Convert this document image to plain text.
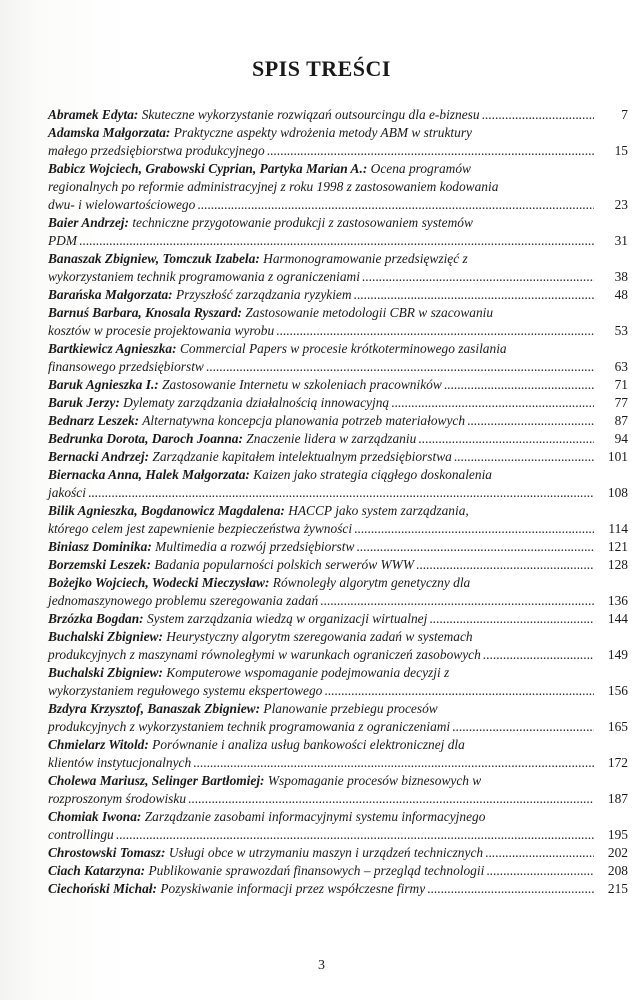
SPIS TREŚCI
Abramek Edyta: Skuteczne wykorzystanie rozwiązań outsourcingu dla e-biznesu .....	7
Adamska Małgorzata: Praktyczne aspekty wdrożenia metody ABM w struktury
małego przedsiębiorstwa produkcyjnego .....	15
Babicz Wojciech, Grabowski Cyprian, Partyka Marian A.: Ocena programów
regionalnych po reformie administracyjnej z roku 1998 z zastosowaniem kodowania
dwu- i wielowartościowego .....	23
Baier Andrzej: techniczne przygotowanie produkcji z zastosowaniem systemów
PDM .....	31
Banaszak Zbigniew, Tomczuk Izabela: Harmonogramowanie przedsięwzięć z
wykorzystaniem technik programowania z ograniczeniami .....	38
Barańska Małgorzata: Przyszłość zarządzania ryzykiem .....	48
Barnuś Barbara, Knosala Ryszard: Zastosowanie metodologii CBR w szacowaniu
kosztów w procesie projektowania wyrobu .....	53
Bartkiewicz Agnieszka: Commercial Papers w procesie krótkoterminowego zasilania
finansowego przedsiębiorstw .....	63
Baruk Agnieszka I.: Zastosowanie Internetu w szkoleniach pracowników .....	71
Baruk Jerzy: Dylematy zarządzania działalnością innowacyjną .....	77
Bednarz Leszek: Alternatywna koncepcja planowania potrzeb materiałowych .....	87
Bedrunka Dorota, Daroch Joanna: Znaczenie lidera w zarządzaniu .....	94
Bernacki Andrzej: Zarządzanie kapitałem intelektualnym przedsiębiorstwa .....	101
Biernacka Anna, Halek Małgorzata: Kaizen jako strategia ciągłego doskonalenia
jakości .....	108
Bilik Agnieszka, Bogdanowicz Magdalena: HACCP jako system zarządzania,
którego celem jest zapewnienie bezpieczeństwa żywności .....	114
Biniasz Dominika: Multimedia a rozwój przedsiębiorstw .....	121
Borzemski Leszek: Badania popularności polskich serwerów WWW .....	128
Bożejko Wojciech, Wodecki Mieczysław: Równoległy algorytm genetyczny dla
jednomaszynowego problemu szeregowania zadań .....	136
Brzózka Bogdan: System zarządzania wiedzą w organizacji wirtualnej .....	144
Buchalski Zbigniew: Heurystyczny algorytm szeregowania zadań w systemach
produkcyjnych z maszynami równoległymi w warunkach ograniczeń zasobowych .....	149
Buchalski Zbigniew: Komputerowe wspomaganie podejmowania decyzji z
wykorzystaniem regułowego systemu ekspertowego .....	156
Bzdyra Krzysztof, Banaszak Zbigniew: Planowanie przebiegu procesów
produkcyjnych z wykorzystaniem technik programowania z ograniczeniami .....	165
Chmielarz Witold: Porównanie i analiza usług bankowości elektronicznej dla
klientów instytucjonalnych .....	172
Cholewa Mariusz, Selinger Bartłomiej: Wspomaganie procesów biznesowych w
rozproszonym środowisku .....	187
Chomiak Iwona: Zarządzanie zasobami informacyjnymi systemu informacyjnego
controllingu .....	195
Chrostowski Tomasz: Usługi obce w utrzymaniu maszyn i urządzeń technicznych .....	202
Ciach Katarzyna: Publikowanie sprawozdań finansowych – przegląd technologii .....	208
Ciechoński Michał: Pozyskiwanie informacji przez współczesne firmy .....	215
3
